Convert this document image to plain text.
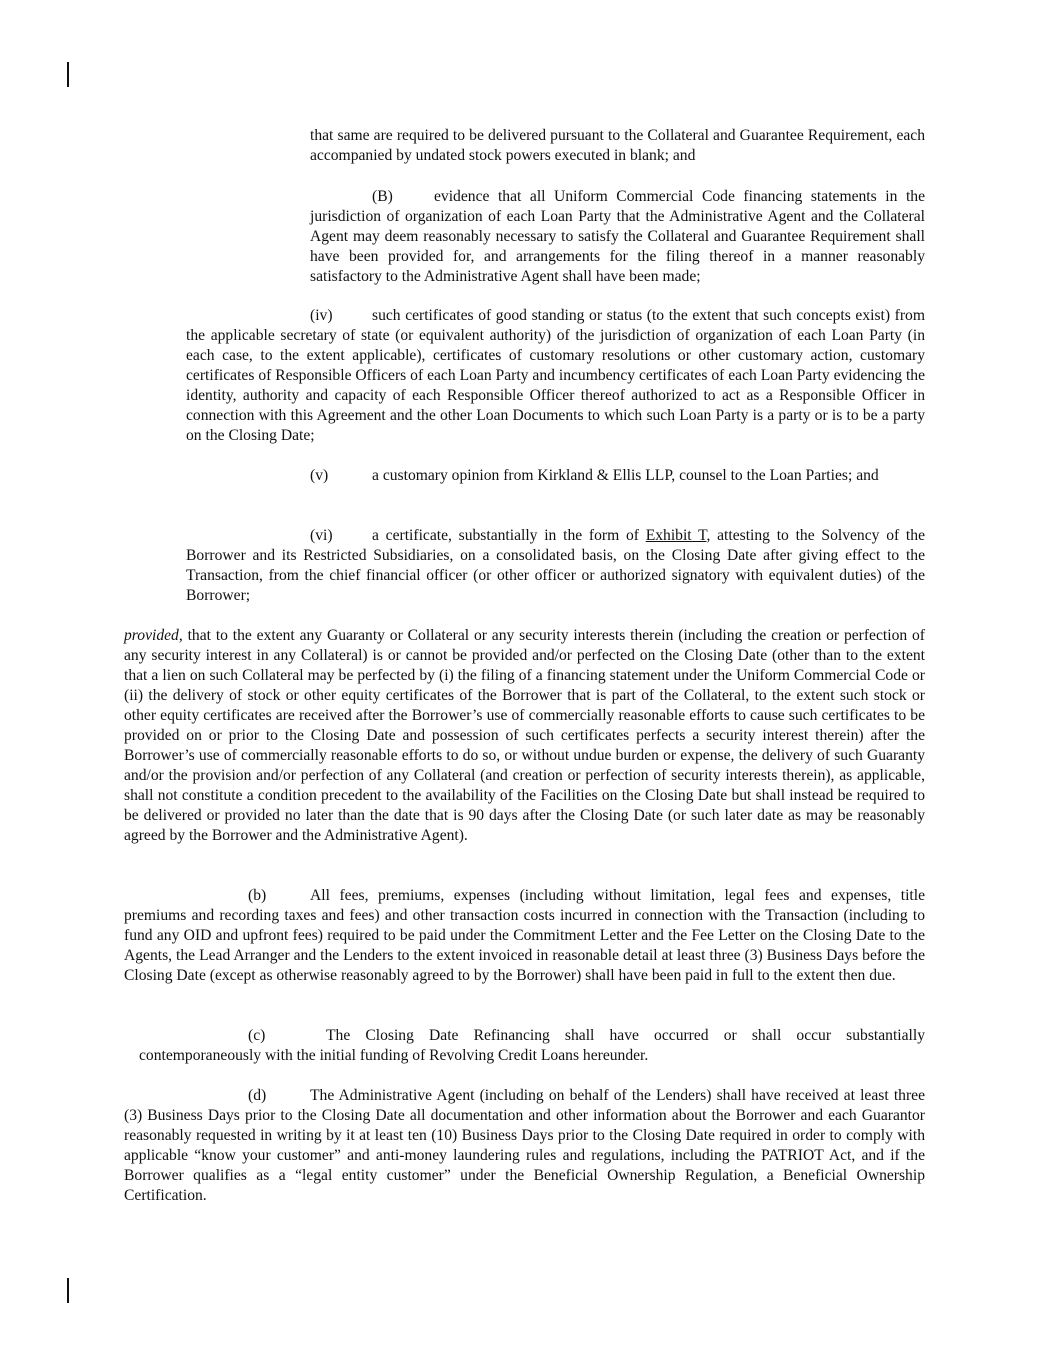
that same are required to be delivered pursuant to the Collateral and Guarantee Requirement, each accompanied by undated stock powers executed in blank; and

(B)	evidence that all Uniform Commercial Code financing statements in the jurisdiction of organization of each Loan Party that the Administrative Agent and the Collateral Agent may deem reasonably necessary to satisfy the Collateral and Guarantee Requirement shall have been provided for, and arrangements for the filing thereof in a manner reasonably satisfactory to the Administrative Agent shall have been made;

(iv)	such certificates of good standing or status (to the extent that such concepts exist) from the applicable secretary of state (or equivalent authority) of the jurisdiction of organization of each Loan Party (in each case, to the extent applicable), certificates of customary resolutions or other customary action, customary certificates of Responsible Officers of each Loan Party and incumbency certificates of each Loan Party evidencing the identity, authority and capacity of each Responsible Officer thereof authorized to act as a Responsible Officer in connection with this Agreement and the other Loan Documents to which such Loan Party is a party or is to be a party on the Closing Date;

(v)	a customary opinion from Kirkland & Ellis LLP, counsel to the Loan Parties; and

(vi)	a certificate, substantially in the form of Exhibit T, attesting to the Solvency of the Borrower and its Restricted Subsidiaries, on a consolidated basis, on the Closing Date after giving effect to the Transaction, from the chief financial officer (or other officer or authorized signatory with equivalent duties) of the Borrower;

provided, that to the extent any Guaranty or Collateral or any security interests therein (including the creation or perfection of any security interest in any Collateral) is or cannot be provided and/or perfected on the Closing Date (other than to the extent that a lien on such Collateral may be perfected by (i) the filing of a financing statement under the Uniform Commercial Code or (ii) the delivery of stock or other equity certificates of the Borrower that is part of the Collateral, to the extent such stock or other equity certificates are received after the Borrower’s use of commercially reasonable efforts to cause such certificates to be provided on or prior to the Closing Date and possession of such certificates perfects a security interest therein) after the Borrower’s use of commercially reasonable efforts to do so, or without undue burden or expense, the delivery of such Guaranty and/or the provision and/or perfection of any Collateral (and creation or perfection of security interests therein), as applicable, shall not constitute a condition precedent to the availability of the Facilities on the Closing Date but shall instead be required to be delivered or provided no later than the date that is 90 days after the Closing Date (or such later date as may be reasonably agreed by the Borrower and the Administrative Agent).

(b)	All fees, premiums, expenses (including without limitation, legal fees and expenses, title premiums and recording taxes and fees) and other transaction costs incurred in connection with the Transaction (including to fund any OID and upfront fees) required to be paid under the Commitment Letter and the Fee Letter on the Closing Date to the Agents, the Lead Arranger and the Lenders to the extent invoiced in reasonable detail at least three (3) Business Days before the Closing Date (except as otherwise reasonably agreed to by the Borrower) shall have been paid in full to the extent then due.

(c)	The Closing Date Refinancing shall have occurred or shall occur substantially contemporaneously with the initial funding of Revolving Credit Loans hereunder.

(d)	The Administrative Agent (including on behalf of the Lenders) shall have received at least three (3) Business Days prior to the Closing Date all documentation and other information about the Borrower and each Guarantor reasonably requested in writing by it at least ten (10) Business Days prior to the Closing Date required in order to comply with applicable “know your customer” and anti-money laundering rules and regulations, including the PATRIOT Act, and if the Borrower qualifies as a “legal entity customer” under the Beneficial Ownership Regulation, a Beneficial Ownership Certification.
